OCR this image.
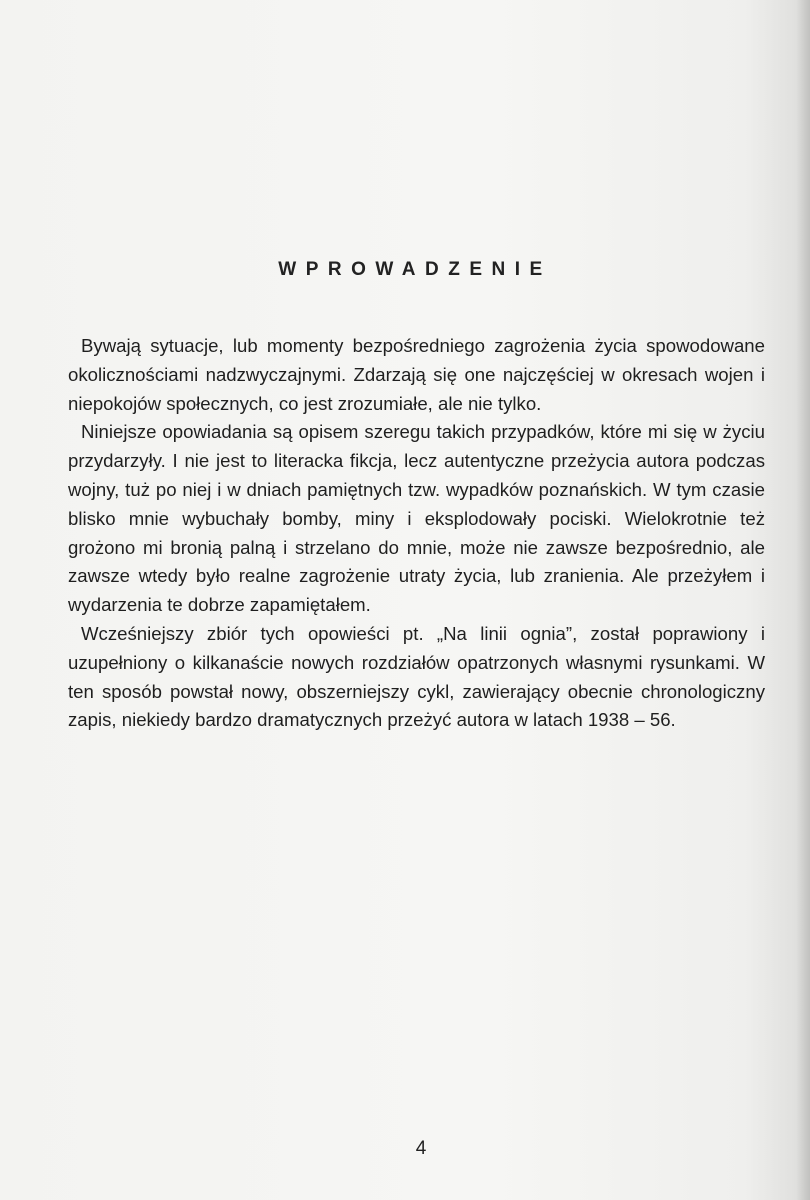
WPROWADZENIE

Bywają sytuacje, lub momenty bezpośredniego zagrożenia życia spowodowane okolicznościami nadzwyczajnymi. Zdarzają się one najczęściej w okresach wojen i niepokojów społecznych, co jest zrozumiałe, ale nie tylko.

Niniejsze opowiadania są opisem szeregu takich przypadków, które mi się w życiu przydarzyły. I nie jest to literacka fikcja, lecz autentyczne przeżycia autora podczas wojny, tuż po niej i w dniach pamiętnych tzw. wypadków poznańskich. W tym czasie blisko mnie wybuchały bomby, miny i eksplodowały pociski. Wielokrotnie też grożono mi bronią palną i strzelano do mnie, może nie zawsze bezpośrednio, ale zawsze wtedy było realne zagrożenie utraty życia, lub zranienia. Ale przeżyłem i wydarzenia te dobrze zapamiętałem.

Wcześniejszy zbiór tych opowieści pt. „Na linii ognia”, został poprawiony i uzupełniony o kilkanaście nowych rozdziałów opatrzonych własnymi rysunkami. W ten sposób powstał nowy, obszerniejszy cykl, zawierający obecnie chronologiczny zapis, niekiedy bardzo dramatycznych przeżyć autora w latach 1938 – 56.

4
